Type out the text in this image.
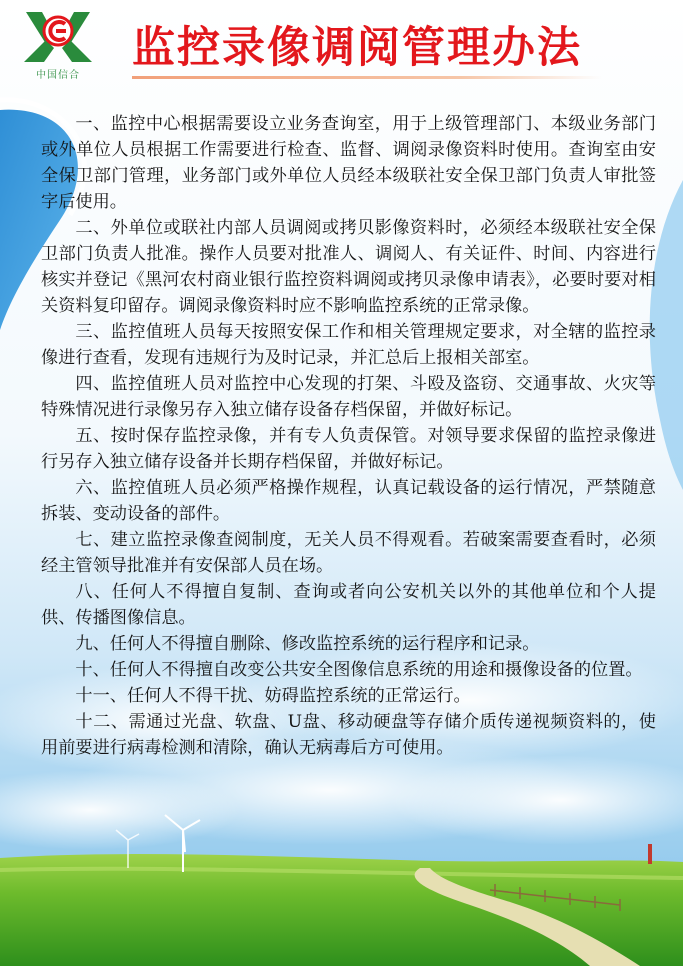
中国信合
监控录像调阅管理办法

一、监控中心根据需要设立业务查询室，用于上级管理部门、本级业务部门或外单位人员根据工作需要进行检查、监督、调阅录像资料时使用。查询室由安全保卫部门管理，业务部门或外单位人员经本级联社安全保卫部门负责人审批签字后使用。

二、外单位或联社内部人员调阅或拷贝影像资料时，必须经本级联社安全保卫部门负责人批准。操作人员要对批准人、调阅人、有关证件、时间、内容进行核实并登记《黑河农村商业银行监控资料调阅或拷贝录像申请表》，必要时要对相关资料复印留存。调阅录像资料时应不影响监控系统的正常录像。

三、监控值班人员每天按照安保工作和相关管理规定要求，对全辖的监控录像进行查看，发现有违规行为及时记录，并汇总后上报相关部室。

四、监控值班人员对监控中心发现的打架、斗殴及盗窃、交通事故、火灾等特殊情况进行录像另存入独立储存设备存档保留，并做好标记。

五、按时保存监控录像，并有专人负责保管。对领导要求保留的监控录像进行另存入独立储存设备并长期存档保留，并做好标记。

六、监控值班人员必须严格操作规程，认真记载设备的运行情况，严禁随意拆装、变动设备的部件。

七、建立监控录像查阅制度，无关人员不得观看。若破案需要查看时，必须经主管领导批准并有安保部人员在场。

八、任何人不得擅自复制、查询或者向公安机关以外的其他单位和个人提供、传播图像信息。

九、任何人不得擅自删除、修改监控系统的运行程序和记录。

十、任何人不得擅自改变公共安全图像信息系统的用途和摄像设备的位置。

十一、任何人不得干扰、妨碍监控系统的正常运行。

十二、需通过光盘、软盘、U盘、移动硬盘等存储介质传递视频资料的，使用前要进行病毒检测和清除，确认无病毒后方可使用。
